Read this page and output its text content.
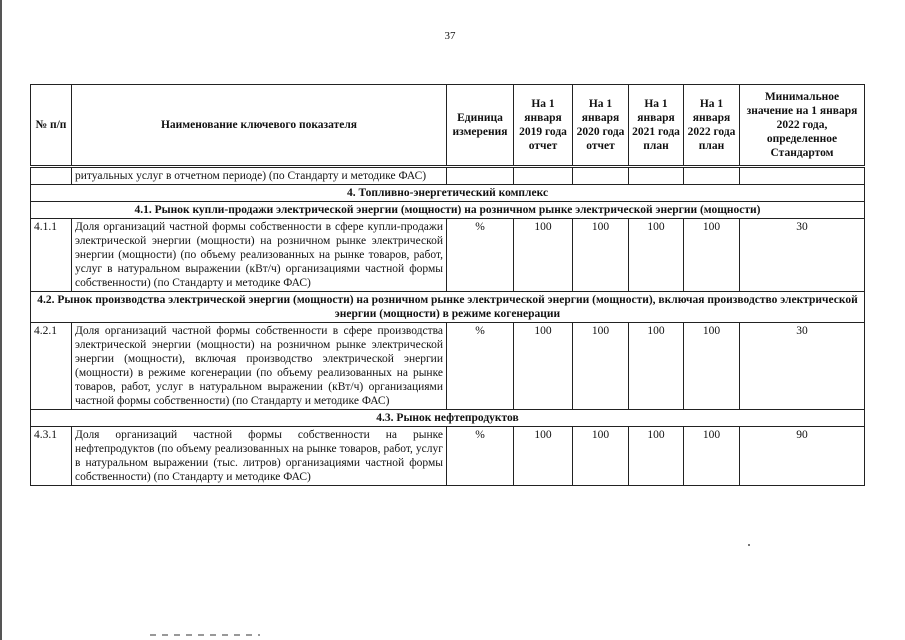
37
№ п/п	Наименование ключевого показателя	Единица измерения	На 1 января 2019 года отчет	На 1 января 2020 года отчет	На 1 января 2021 года план	На 1 января 2022 года план	Минимальное значение на 1 января 2022 года, определенное Стандартом
	ритуальных услуг в отчетном периоде) (по Стандарту и методике ФАС)						
4. Топливно-энергетический комплекс							
4.1. Рынок купли-продажи электрической энергии (мощности) на розничном рынке электрической энергии (мощности)							
4.1.1	Доля организаций частной формы собственности в сфере купли-продажи электрической энергии (мощности) на розничном рынке электрической энергии (мощности) (по объему реализованных на рынке товаров, работ, услуг в натуральном выражении (кВт/ч) организациями частной формы собственности) (по Стандарту и методике ФАС)	%	100	100	100	100	30
4.2. Рынок производства электрической энергии (мощности) на розничном рынке электрической энергии (мощности), включая производство электрической энергии (мощности) в режиме когенерации							
4.2.1	Доля организаций частной формы собственности в сфере производства электрической энергии (мощности) на розничном рынке электрической энергии (мощности), включая производство электрической энергии (мощности) в режиме когенерации (по объему реализованных на рынке товаров, работ, услуг в натуральном выражении (кВт/ч) организациями частной формы собственности) (по Стандарту и методике ФАС)	%	100	100	100	100	30
4.3. Рынок нефтепродуктов							
4.3.1	Доля организаций частной формы собственности на рынке нефтепродуктов (по объему реализованных на рынке товаров, работ, услуг в натуральном выражении (тыс. литров) организациями частной формы собственности) (по Стандарту и методике ФАС)	%	100	100	100	100	90
